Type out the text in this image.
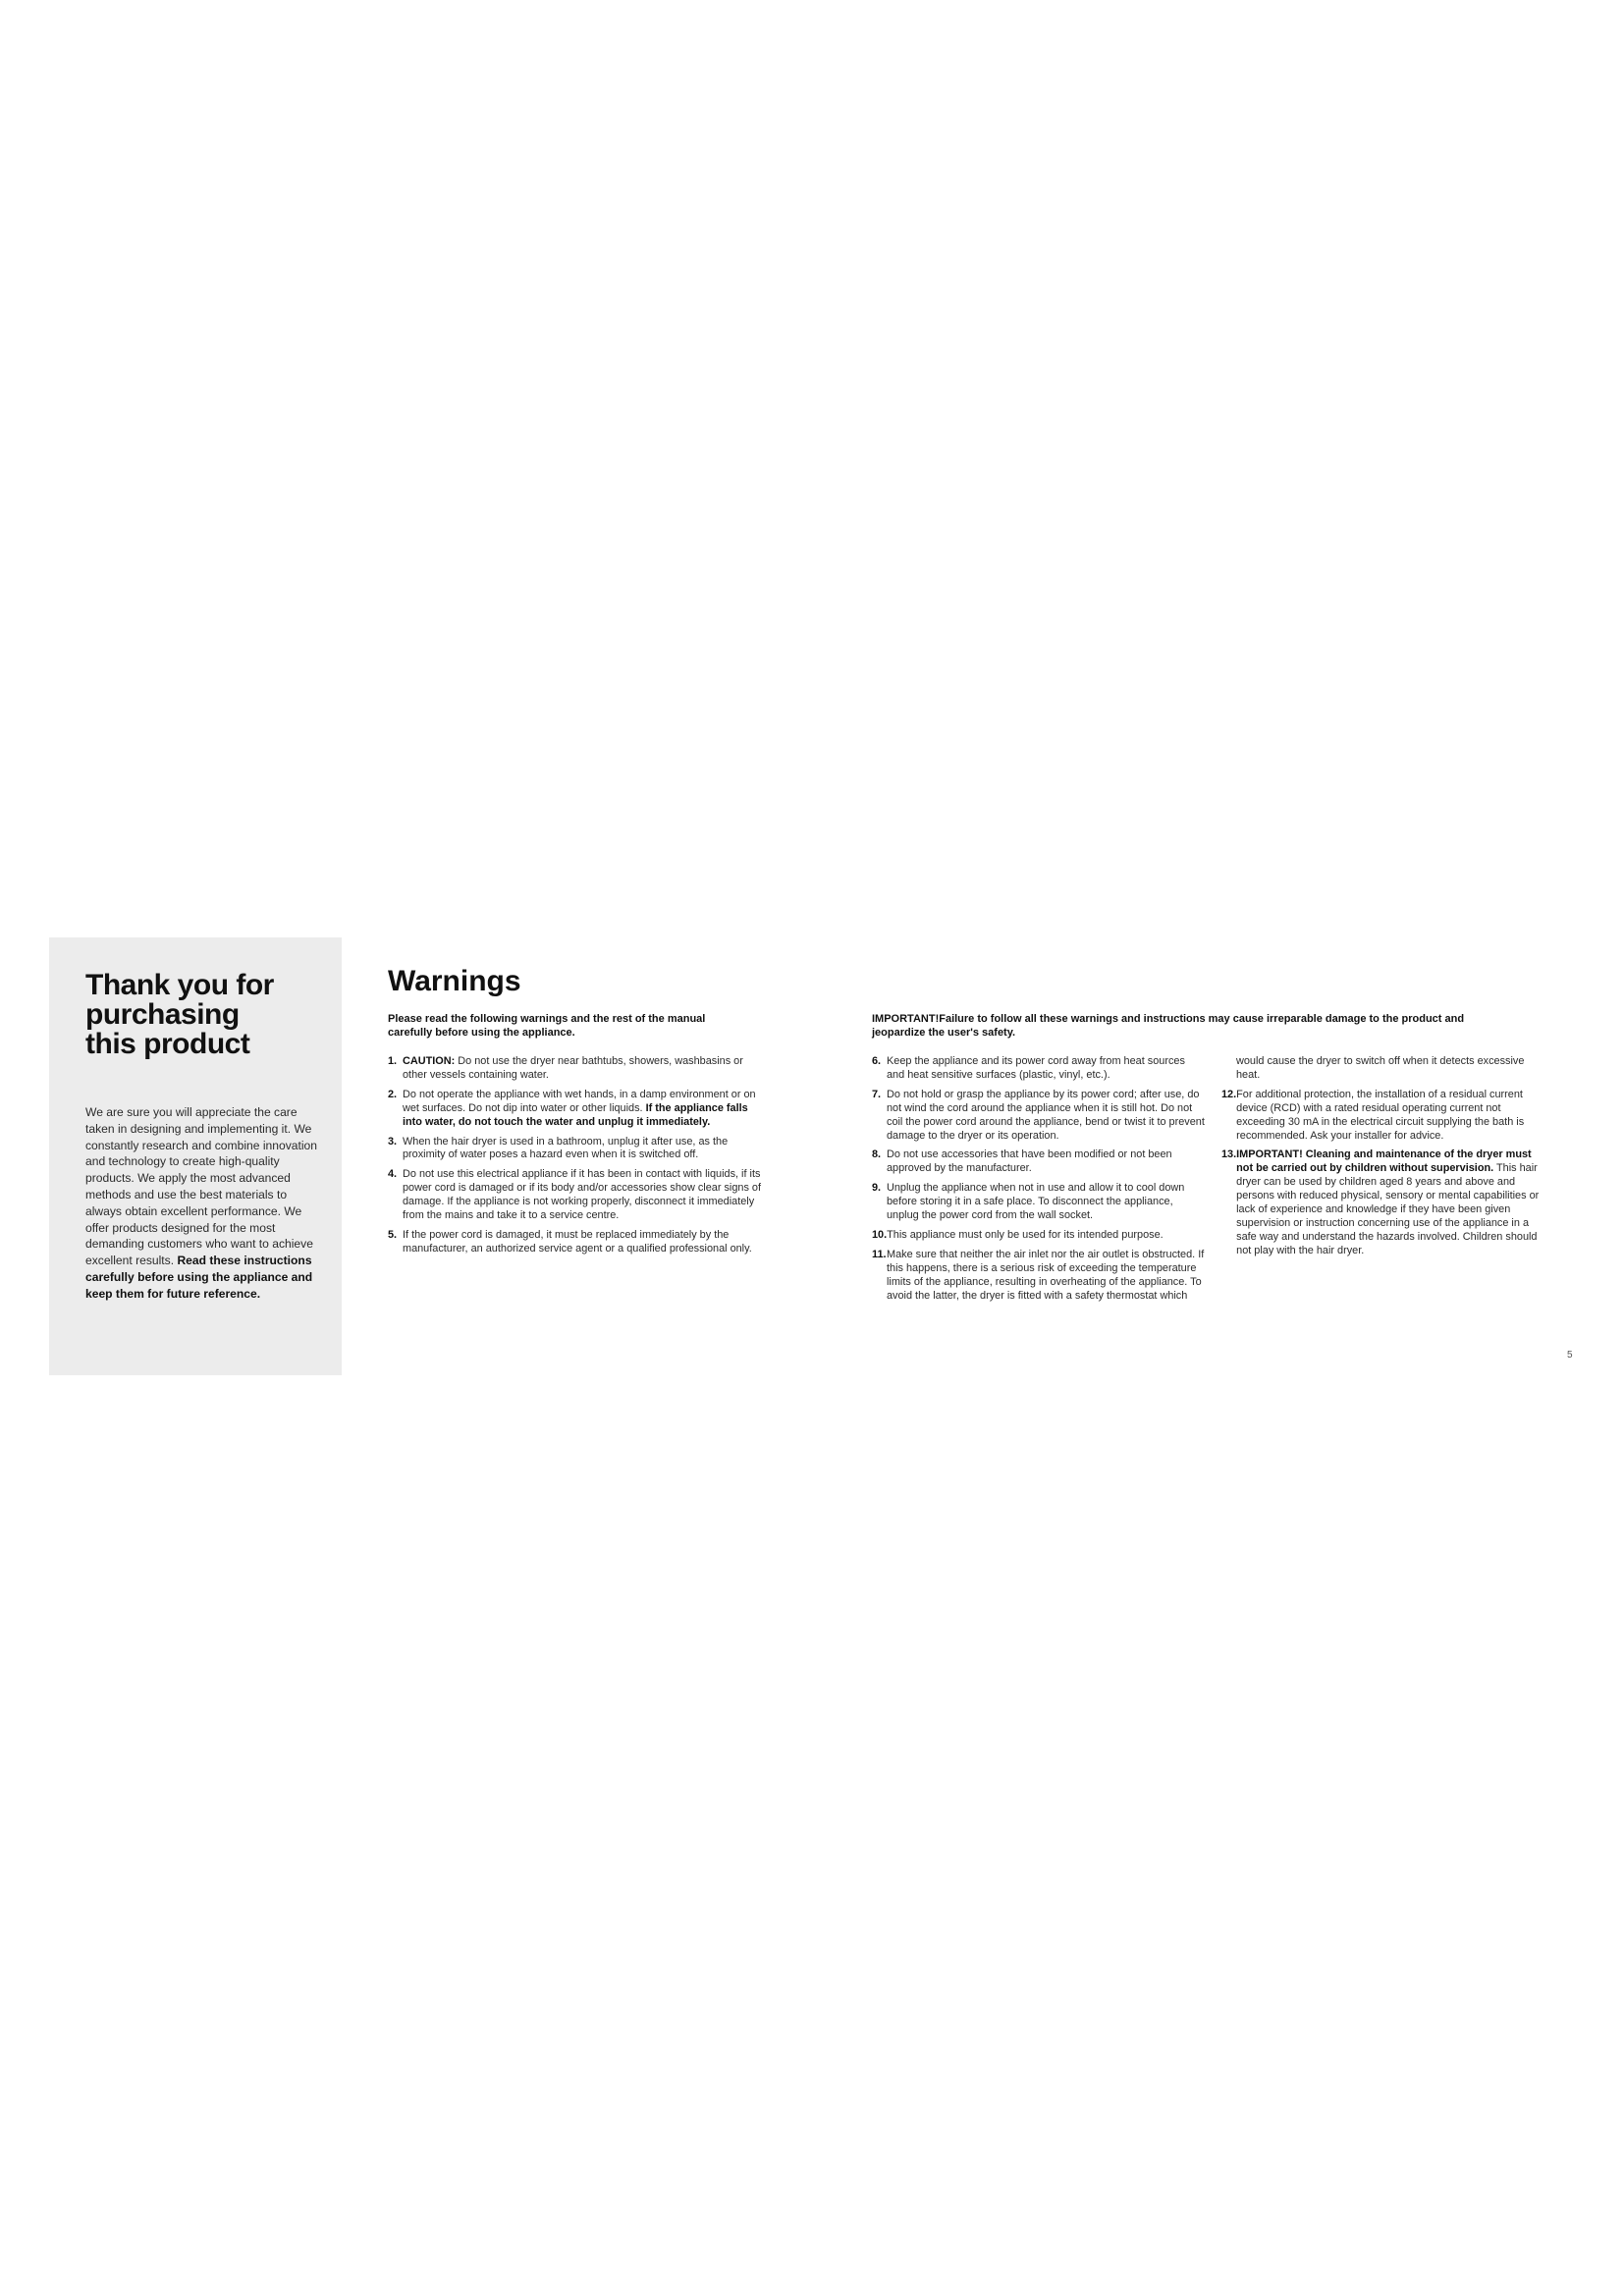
Thank you for
purchasing
this product
We are sure you will appreciate the care taken in designing and implementing it. We constantly research and combine innovation and technology to create high-quality products. We apply the most advanced methods and use the best materials to always obtain excellent performance. We offer products designed for the most demanding customers who want to achieve excellent results. Read these instructions carefully before using the appliance and keep them for future reference.
Warnings
Please read the following warnings and the rest of the manual carefully before using the appliance.
IMPORTANT!Failure to follow all these warnings and instructions may cause irreparable damage to the product and jeopardize the user's safety.
1. CAUTION: Do not use the dryer near bathtubs, showers, washbasins or other vessels containing water.
2. Do not operate the appliance with wet hands, in a damp environment or on wet surfaces. Do not dip into water or other liquids. If the appliance falls into water, do not touch the water and unplug it immediately.
3. When the hair dryer is used in a bathroom, unplug it after use, as the proximity of water poses a hazard even when it is switched off.
4. Do not use this electrical appliance if it has been in contact with liquids, if its power cord is damaged or if its body and/or accessories show clear signs of damage. If the appliance is not working properly, disconnect it immediately from the mains and take it to a service centre.
5. If the power cord is damaged, it must be replaced immediately by the manufacturer, an authorized service agent or a qualified professional only.
6. Keep the appliance and its power cord away from heat sources and heat sensitive surfaces (plastic, vinyl, etc.).
7. Do not hold or grasp the appliance by its power cord; after use, do not wind the cord around the appliance when it is still hot. Do not coil the power cord around the appliance, bend or twist it to prevent damage to the dryer or its operation.
8. Do not use accessories that have been modified or not been approved by the manufacturer.
9. Unplug the appliance when not in use and allow it to cool down before storing it in a safe place. To disconnect the appliance, unplug the power cord from the wall socket.
10. This appliance must only be used for its intended purpose.
11. Make sure that neither the air inlet nor the air outlet is obstructed. If this happens, there is a serious risk of exceeding the temperature limits of the appliance, resulting in overheating of the appliance. To avoid the latter, the dryer is fitted with a safety thermostat which
would cause the dryer to switch off when it detects excessive heat.
12. For additional protection, the installation of a residual current device (RCD) with a rated residual operating current not exceeding 30 mA in the electrical circuit supplying the bath is recommended. Ask your installer for advice.
13. IMPORTANT! Cleaning and maintenance of the dryer must not be carried out by children without supervision. This hair dryer can be used by children aged 8 years and above and persons with reduced physical, sensory or mental capabilities or lack of experience and knowledge if they have been given supervision or instruction concerning use of the appliance in a safe way and understand the hazards involved. Children should not play with the hair dryer.
5
